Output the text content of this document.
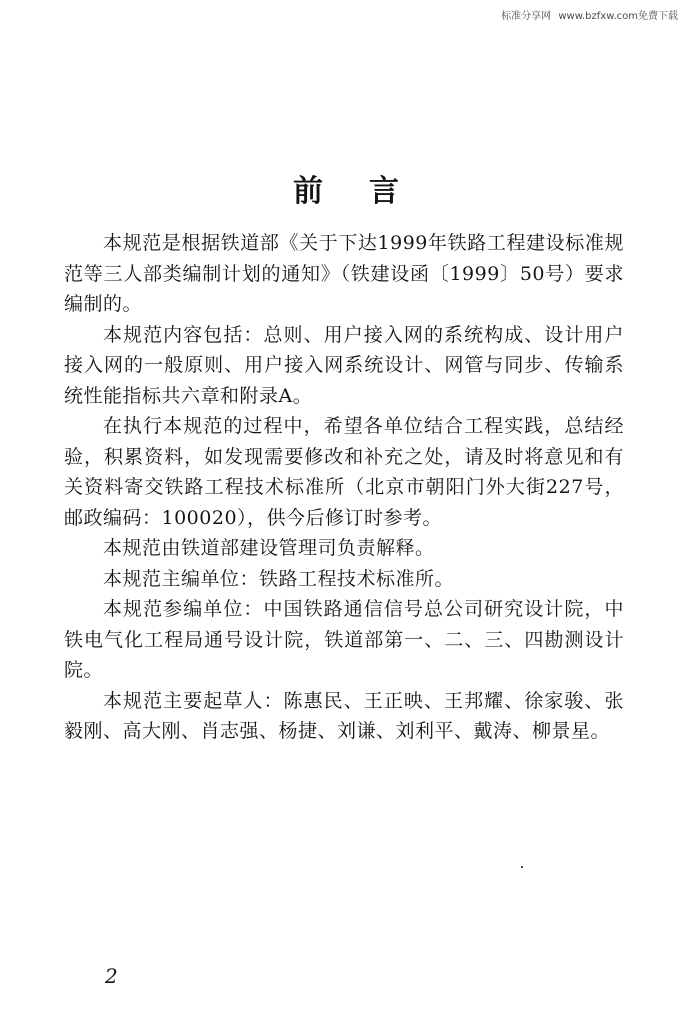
标准分享网 www.bzfxw.com免费下载
前言

本规范是根据铁道部《关于下达1999年铁路工程建设标准规范等三人部类编制计划的通知》（铁建设函〔1999〕50号）要求编制的。

本规范内容包括：总则、用户接入网的系统构成、设计用户接入网的一般原则、用户接入网系统设计、网管与同步、传输系统性能指标共六章和附录A。

在执行本规范的过程中，希望各单位结合工程实践，总结经验，积累资料，如发现需要修改和补充之处，请及时将意见和有关资料寄交铁路工程技术标准所（北京市朝阳门外大街227号，邮政编码：100020），供今后修订时参考。

本规范由铁道部建设管理司负责解释。

本规范主编单位：铁路工程技术标准所。

本规范参编单位：中国铁路通信信号总公司研究设计院，中铁电气化工程局通号设计院，铁道部第一、二、三、四勘测设计院。

本规范主要起草人：陈惠民、王正映、王邦耀、徐家骏、张毅刚、高大刚、肖志强、杨捷、刘谦、刘利平、戴涛、柳景星。

2
